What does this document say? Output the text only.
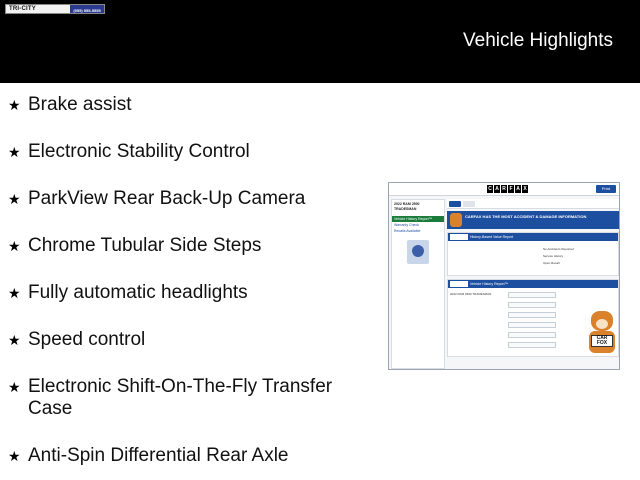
TRI-CITY	(555) 555-5555
Vehicle Highlights
★ Brake assist
★ Electronic Stability Control
★ ParkView Rear Back-Up Camera
★ Chrome Tubular Side Steps
★ Fully automatic headlights
★ Speed control
★ Electronic Shift-On-The-Fly Transfer Case
★ Anti-Spin Differential Rear Axle
C A R F A X	Print
2022 RAM 2500 TRADESMAN
Vehicle History Report™
Warranty Check
Recalls Available
CARFAX HAS THE MOST ACCIDENT & DAMAGE INFORMATION
History-Based Value Report
No Accidents Reported
Service History
Open Recall
Vehicle History Report™
2022 RAM 2500 TRADESMAN
CAR FOX
